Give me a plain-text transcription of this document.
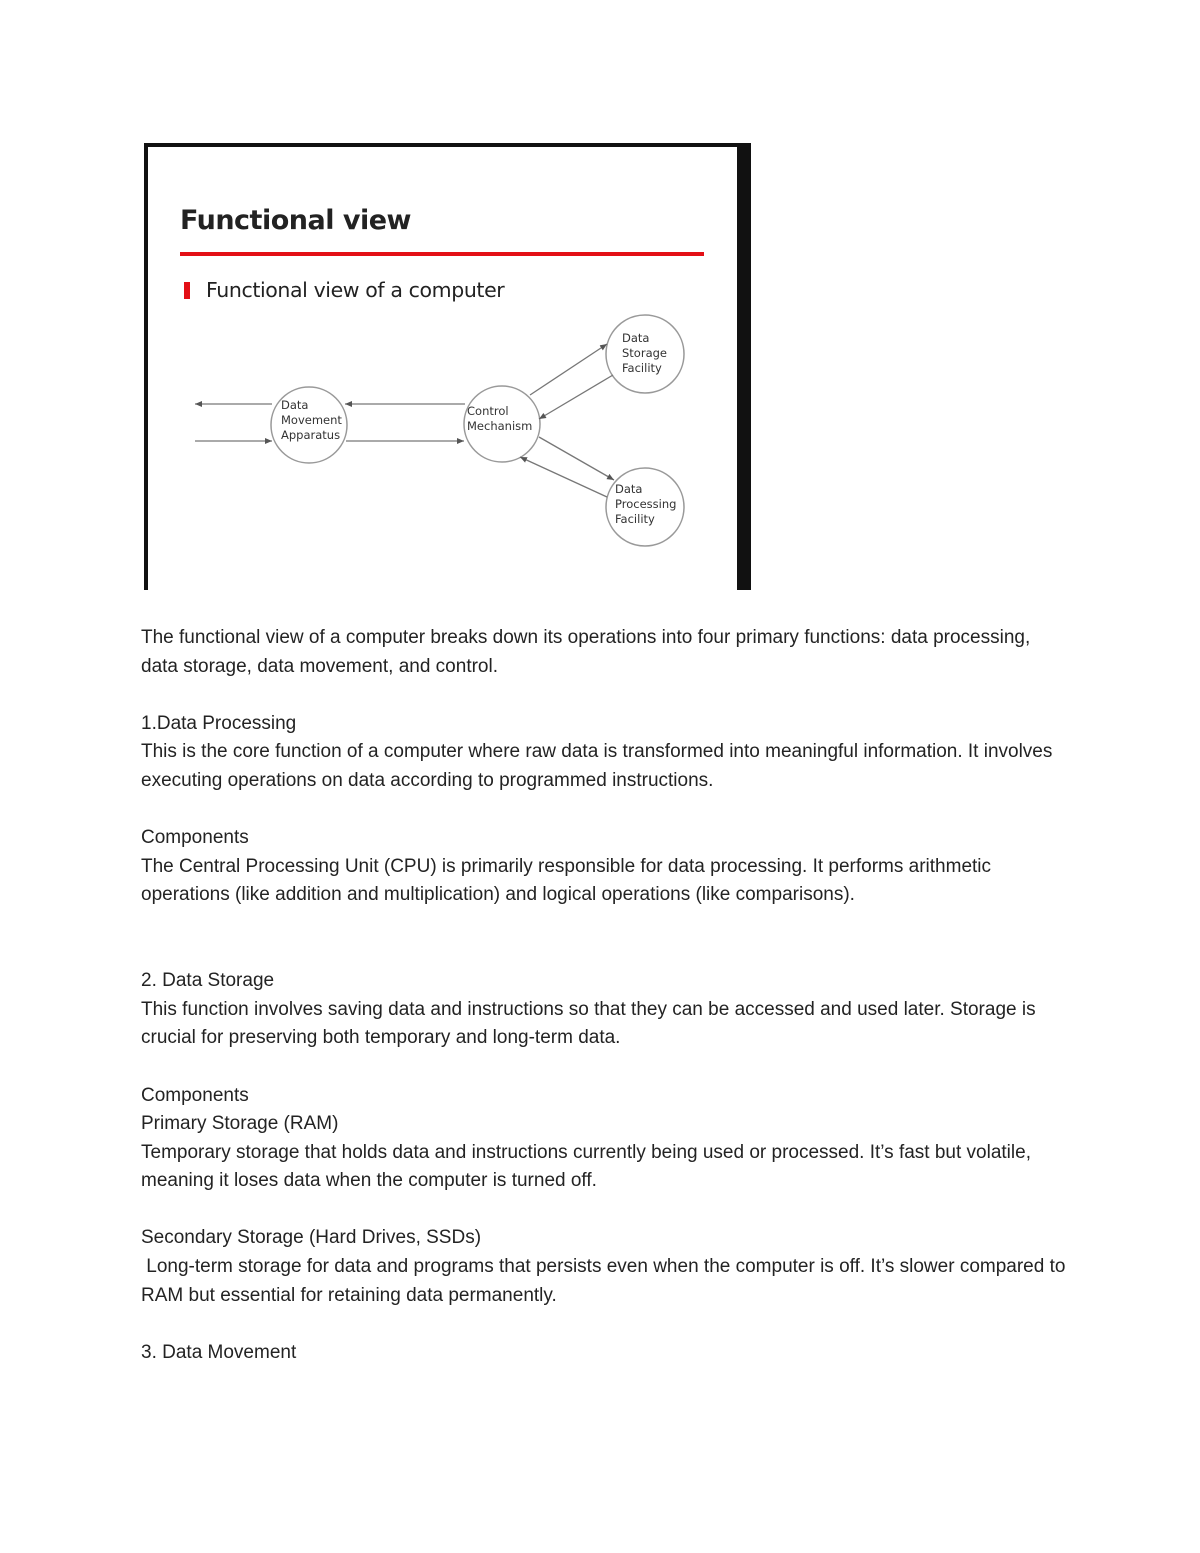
Functional view
Functional view of a computer
Data Movement Apparatus
Control Mechanism
Data Storage Facility
Data Processing Facility

The functional view of a computer breaks down its operations into four primary functions: data processing, data storage, data movement, and control.

1.Data Processing

This is the core function of a computer where raw data is transformed into meaningful information. It involves executing operations on data according to programmed instructions.

Components

The Central Processing Unit (CPU) is primarily responsible for data processing. It performs arithmetic operations (like addition and multiplication) and logical operations (like comparisons).

2. Data Storage

This function involves saving data and instructions so that they can be accessed and used later. Storage is crucial for preserving both temporary and long-term data.

Components

Primary Storage (RAM)

Temporary storage that holds data and instructions currently being used or processed. It’s fast but volatile, meaning it loses data when the computer is turned off.

Secondary Storage (Hard Drives, SSDs)

Long-term storage for data and programs that persists even when the computer is off. It’s slower compared to RAM but essential for retaining data permanently.

3. Data Movement
